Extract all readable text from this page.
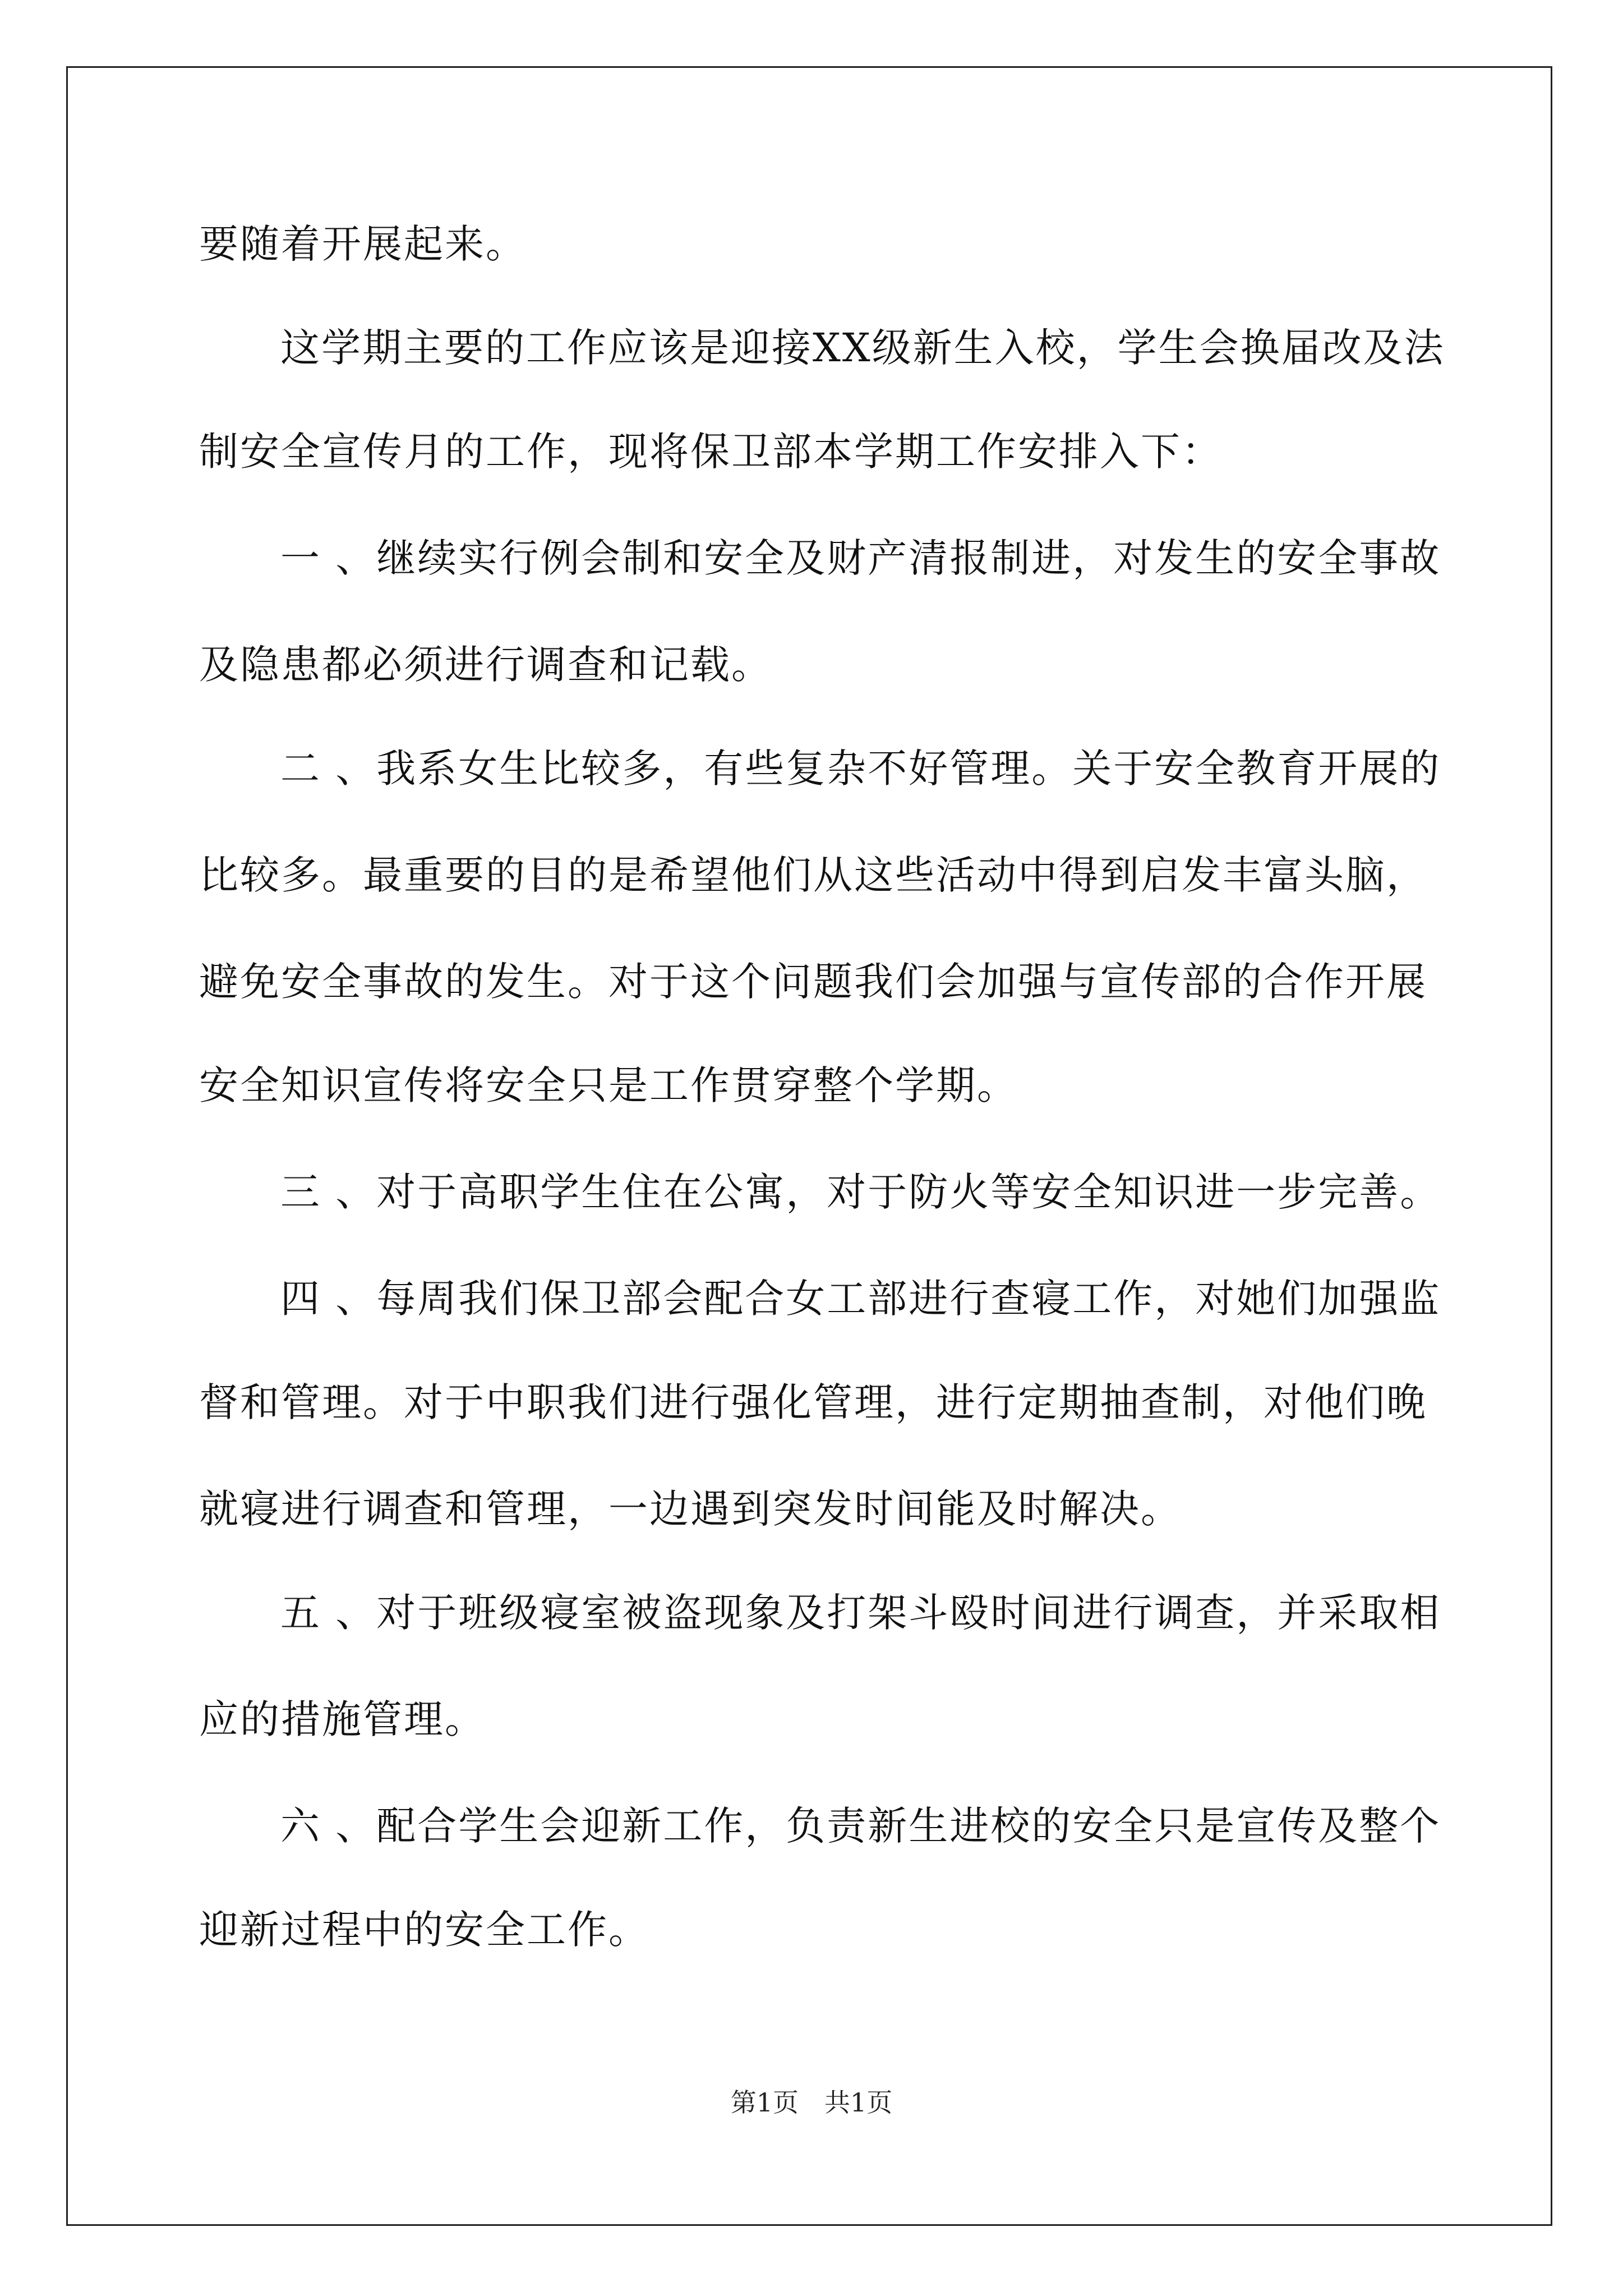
要随着开展起来。
这学期主要的工作应该是迎接XX级新生入校，学生会换届改及法
制安全宣传月的工作，现将保卫部本学期工作安排入下：
一 、继续实行例会制和安全及财产清报制进，对发生的安全事故
及隐患都必须进行调查和记载。
二 、我系女生比较多，有些复杂不好管理。关于安全教育开展的
比较多。最重要的目的是希望他们从这些活动中得到启发丰富头脑，
避免安全事故的发生。对于这个问题我们会加强与宣传部的合作开展
安全知识宣传将安全只是工作贯穿整个学期。
三 、对于高职学生住在公寓，对于防火等安全知识进一步完善。
四 、每周我们保卫部会配合女工部进行查寝工作，对她们加强监
督和管理。对于中职我们进行强化管理，进行定期抽查制，对他们晚
就寝进行调查和管理，一边遇到突发时间能及时解决。
五 、对于班级寝室被盗现象及打架斗殴时间进行调查，并采取相
应的措施管理。
六 、配合学生会迎新工作，负责新生进校的安全只是宣传及整个
迎新过程中的安全工作。
第1页　共1页
